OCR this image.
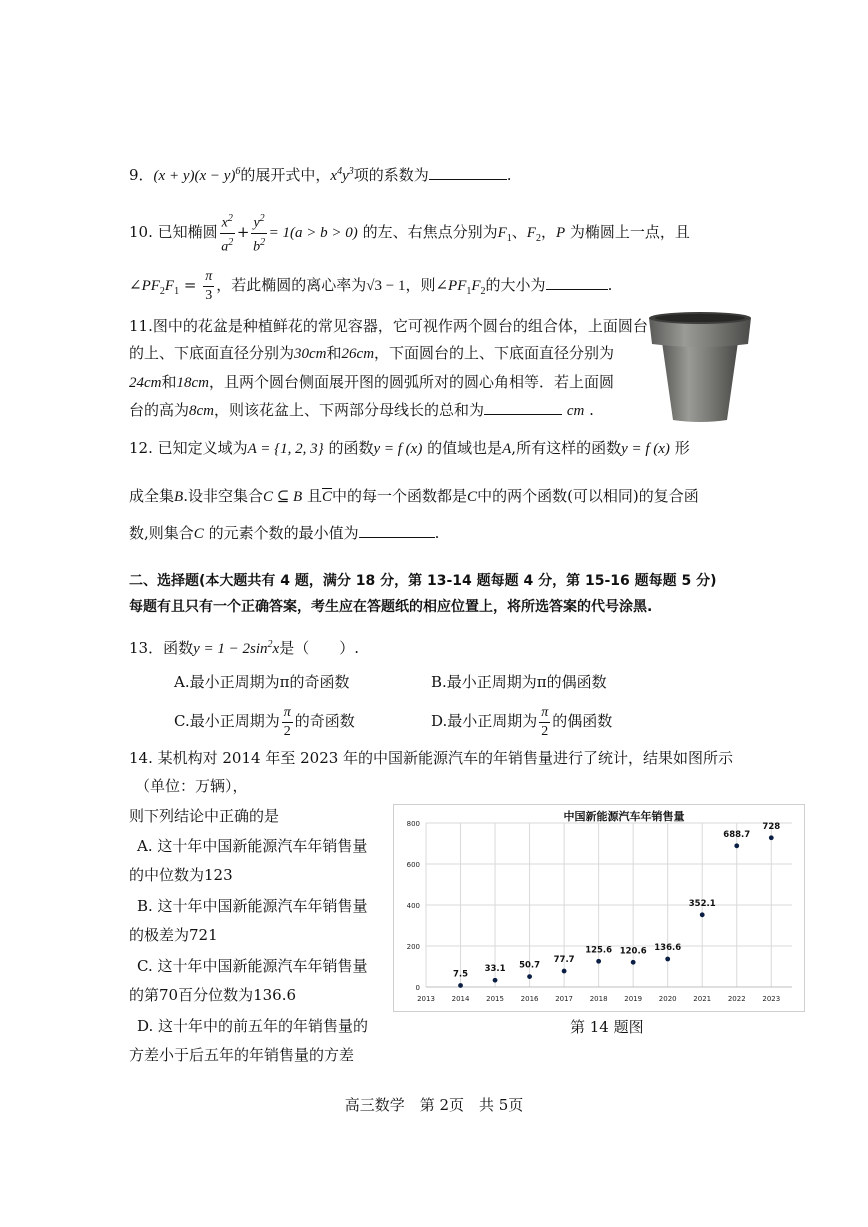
9．$(x + y)(x - y)^6$的展开式中，$x^4y^3$项的系数为	.
10. 已知椭圆 $\frac{x^2}{a^2} + \frac{y^2}{b^2} = 1(a > b > 0)$ 的左、右焦点分别为$F_1$、$F_2$，P 为椭圆上一点，且
$\angle PF_2F_1 = \frac{\pi}{3}$ ，若此椭圆的离心率为√3 − 1，则$\angle PF_1F_2$的大小为	.
11.图中的花盆是种植鲜花的常见容器，它可视作两个圆台的组合体，上面圆台
的上、下底面直径分别为30cm和26cm，下面圆台的上、下底面直径分别为
24cm和18cm，且两个圆台侧面展开图的圆弧所对的圆心角相等．若上面圆
台的高为8cm，则该花盆上、下两部分母线长的总和为	cm .
12. 已知定义域为A = {1, 2, 3} 的函数y = f (x) 的值域也是A,所有这样的函数y = f (x) 形
成全集B.设非空集合C ⊆ B 且$\overline{C}$中的每一个函数都是C中的两个函数(可以相同)的复合函
数,则集合C 的元素个数的最小值为	.
二、选择题(本大题共有 4 题，满分 18 分，第 13-14 题每题 4 分，第 15-16 题每题 5 分)
每题有且只有一个正确答案，考生应在答题纸的相应位置上，将所选答案的代号涂黑.
13．函数$y = 1 - 2\sin^2x$是（　　）.
A.最小正周期为π的奇函数	B.最小正周期为π的偶函数
C.最小正周期为 $\frac{\pi}{2}$ 的奇函数	D.最小正周期为 $\frac{\pi}{2}$ 的偶函数
14. 某机构对 2014 年至 2023 年的中国新能源汽车的年销售量进行了统计，结果如图所示
（单位：万辆），
则下列结论中正确的是
A. 这十年中国新能源汽车年销售量
的中位数为123
B. 这十年中国新能源汽车年销售量
的极差为721
C. 这十年中国新能源汽车年销售量
的第70百分位数为136.6
D. 这十年中的前五年的年销售量的
方差小于后五年的年销售量的方差
中国新能源汽车年销售量
0
200
400
600
800
2013 2014 2015 2016 2017 2018 2019 2020 2021 2022 2023
7.5
33.1 50.7
77.7
125.6 120.6 136.6
352.1
688.7
728
第 14 题图
高三数学　第 2页　共 5页
